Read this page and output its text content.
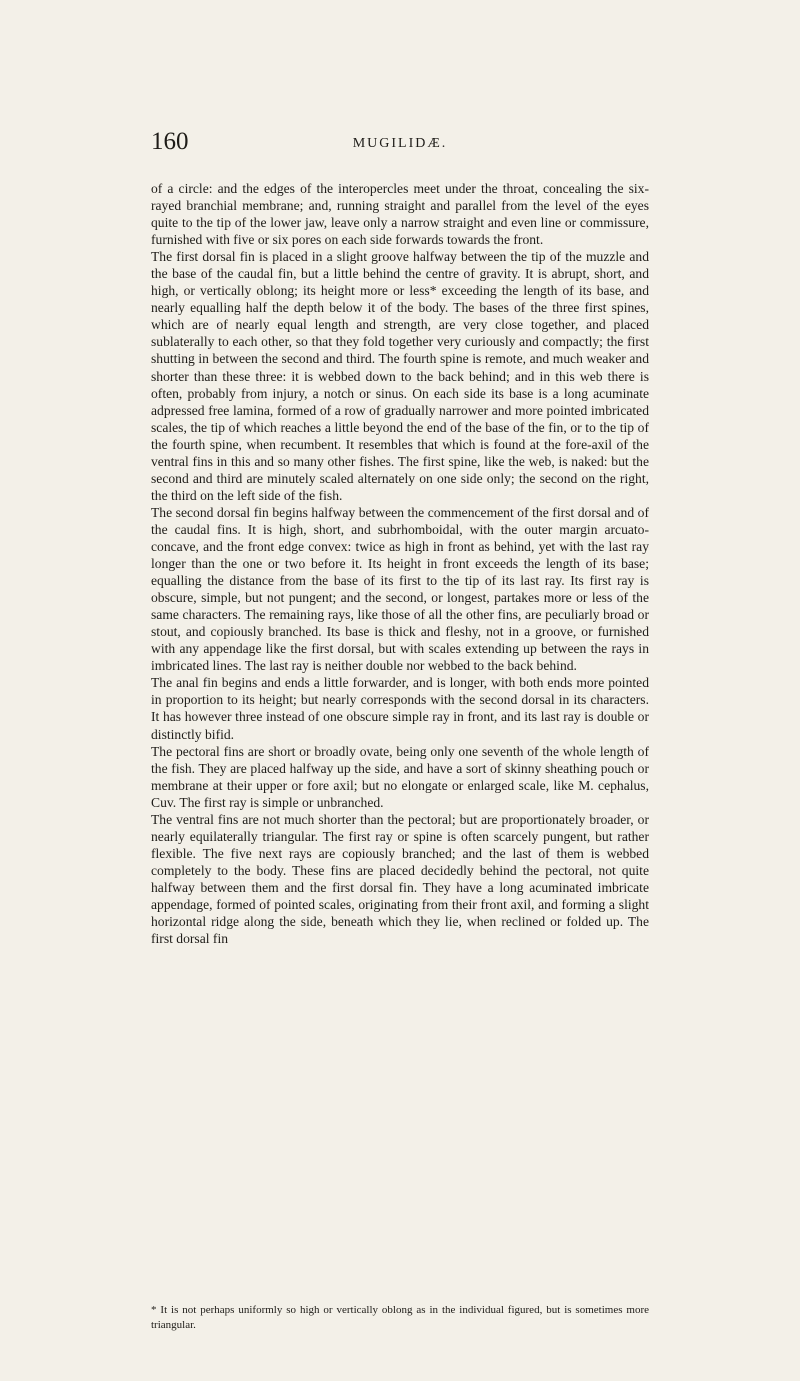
160	MUGILIDÆ.

of a circle: and the edges of the interopercles meet under the throat, concealing the six-rayed branchial membrane; and, running straight and parallel from the level of the eyes quite to the tip of the lower jaw, leave only a narrow straight and even line or commissure, furnished with five or six pores on each side forwards towards the front.

The first dorsal fin is placed in a slight groove halfway between the tip of the muzzle and the base of the caudal fin, but a little behind the centre of gravity. It is abrupt, short, and high, or vertically oblong; its height more or less* exceeding the length of its base, and nearly equalling half the depth below it of the body. The bases of the three first spines, which are of nearly equal length and strength, are very close together, and placed sublaterally to each other, so that they fold together very curiously and compactly; the first shutting in between the second and third. The fourth spine is remote, and much weaker and shorter than these three: it is webbed down to the back behind; and in this web there is often, probably from injury, a notch or sinus. On each side its base is a long acuminate adpressed free lamina, formed of a row of gradually narrower and more pointed imbricated scales, the tip of which reaches a little beyond the end of the base of the fin, or to the tip of the fourth spine, when recumbent. It resembles that which is found at the fore-axil of the ventral fins in this and so many other fishes. The first spine, like the web, is naked: but the second and third are minutely scaled alternately on one side only; the second on the right, the third on the left side of the fish.

The second dorsal fin begins halfway between the commencement of the first dorsal and of the caudal fins. It is high, short, and subrhomboidal, with the outer margin arcuato-concave, and the front edge convex: twice as high in front as behind, yet with the last ray longer than the one or two before it. Its height in front exceeds the length of its base; equalling the distance from the base of its first to the tip of its last ray. Its first ray is obscure, simple, but not pungent; and the second, or longest, partakes more or less of the same characters. The remaining rays, like those of all the other fins, are peculiarly broad or stout, and copiously branched. Its base is thick and fleshy, not in a groove, or furnished with any appendage like the first dorsal, but with scales extending up between the rays in imbricated lines. The last ray is neither double nor webbed to the back behind.

The anal fin begins and ends a little forwarder, and is longer, with both ends more pointed in proportion to its height; but nearly corresponds with the second dorsal in its characters. It has however three instead of one obscure simple ray in front, and its last ray is double or distinctly bifid.

The pectoral fins are short or broadly ovate, being only one seventh of the whole length of the fish. They are placed halfway up the side, and have a sort of skinny sheathing pouch or membrane at their upper or fore axil; but no elongate or enlarged scale, like M. cephalus, Cuv. The first ray is simple or unbranched.

The ventral fins are not much shorter than the pectoral; but are proportionately broader, or nearly equilaterally triangular. The first ray or spine is often scarcely pungent, but rather flexible. The five next rays are copiously branched; and the last of them is webbed completely to the body. These fins are placed decidedly behind the pectoral, not quite halfway between them and the first dorsal fin. They have a long acuminated imbricate appendage, formed of pointed scales, originating from their front axil, and forming a slight horizontal ridge along the side, beneath which they lie, when reclined or folded up. The first dorsal fin

* It is not perhaps uniformly so high or vertically oblong as in the individual figured, but is sometimes more triangular.
